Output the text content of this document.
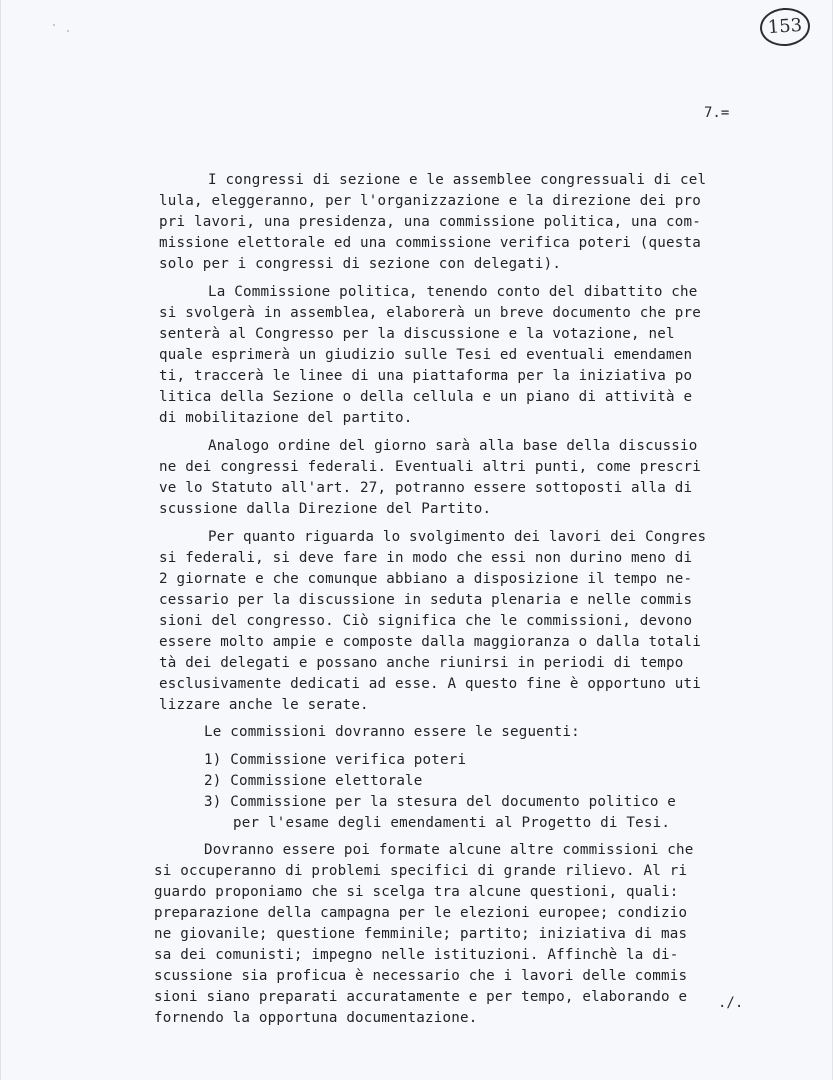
153
7.=
I congressi di sezione e le assemblee congressuali di cel
lula, eleggeranno, per l'organizzazione e la direzione dei pro
pri lavori, una presidenza, una commissione politica, una com-
missione elettorale ed una commissione verifica poteri (questa
solo per i congressi di sezione con delegati).
La Commissione politica, tenendo conto del dibattito che
si svolgerà in assemblea, elaborerà un breve documento che pre
senterà al Congresso per la discussione e la votazione, nel
quale esprimerà un giudizio sulle Tesi ed eventuali emendamen
ti, traccerà le linee di una piattaforma per la iniziativa po
litica della Sezione o della cellula e un piano di attività e
di mobilitazione del partito.
Analogo ordine del giorno sarà alla base della discussio
ne dei congressi federali. Eventuali altri punti, come prescri
ve lo Statuto all'art. 27, potranno essere sottoposti alla di
scussione dalla Direzione del Partito.
Per quanto riguarda lo svolgimento dei lavori dei Congres
si federali, si deve fare in modo che essi non durino meno di
2 giornate e che comunque abbiano a disposizione il tempo ne-
cessario per la discussione in seduta plenaria e nelle commis
sioni del congresso. Ciò significa che le commissioni, devono
essere molto ampie e composte dalla maggioranza o dalla totali
tà dei delegati e possano anche riunirsi in periodi di tempo
esclusivamente dedicati ad esse. A questo fine è opportuno uti
lizzare anche le serate.
Le commissioni dovranno essere le seguenti:
1) Commissione verifica poteri
2) Commissione elettorale
3) Commissione per la stesura del documento politico e
per l'esame degli emendamenti al Progetto di Tesi.
Dovranno essere poi formate alcune altre commissioni che
si occuperanno di problemi specifici di grande rilievo. Al ri
guardo proponiamo che si scelga tra alcune questioni, quali:
preparazione della campagna per le elezioni europee; condizio
ne giovanile; questione femminile; partito; iniziativa di mas
sa dei comunisti; impegno nelle istituzioni. Affinchè la di-
scussione sia proficua è necessario che i lavori delle commis
sioni siano preparati accuratamente e per tempo, elaborando e
fornendo la opportuna documentazione.
./.
